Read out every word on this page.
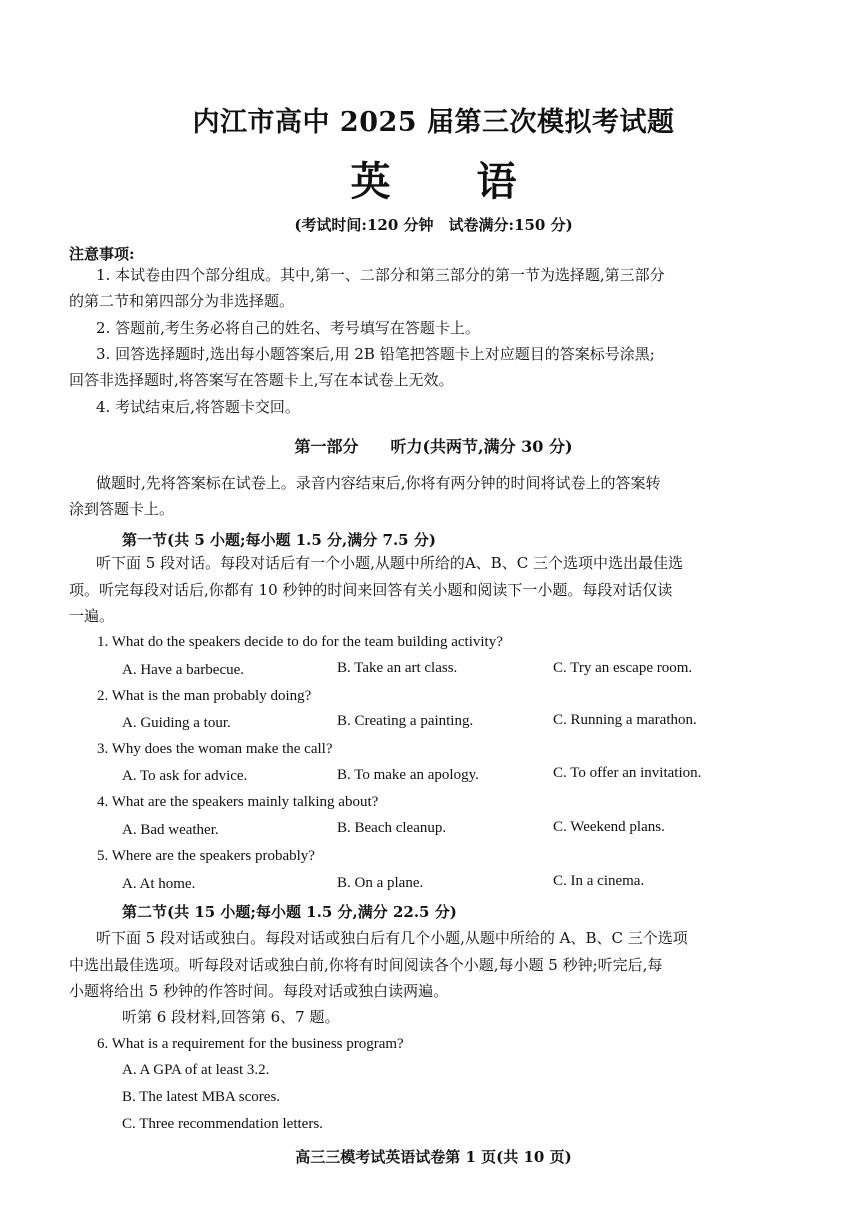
内江市高中 2025 届第三次模拟考试题
英 语
(考试时间:120 分钟　试卷满分:150 分)
注意事项:
1. 本试卷由四个部分组成。其中,第一、二部分和第三部分的第一节为选择题,第三部分
的第二节和第四部分为非选择题。
2. 答题前,考生务必将自己的姓名、考号填写在答题卡上。
3. 回答选择题时,选出每小题答案后,用 2B 铅笔把答题卡上对应题目的答案标号涂黑;
回答非选择题时,将答案写在答题卡上,写在本试卷上无效。
4. 考试结束后,将答题卡交回。
第一部分　　听力(共两节,满分 30 分)
做题时,先将答案标在试卷上。录音内容结束后,你将有两分钟的时间将试卷上的答案转
涂到答题卡上。
第一节(共 5 小题;每小题 1.5 分,满分 7.5 分)
听下面 5 段对话。每段对话后有一个小题,从题中所给的A、B、C 三个选项中选出最佳选
项。听完每段对话后,你都有 10 秒钟的时间来回答有关小题和阅读下一小题。每段对话仅读
一遍。
1. What do the speakers decide to do for the team building activity?
A. Have a barbecue.	B. Take an art class.	C. Try an escape room.
2. What is the man probably doing?
A. Guiding a tour.	B. Creating a painting.	C. Running a marathon.
3. Why does the woman make the call?
A. To ask for advice.	B. To make an apology.	C. To offer an invitation.
4. What are the speakers mainly talking about?
A. Bad weather.	B. Beach cleanup.	C. Weekend plans.
5. Where are the speakers probably?
A. At home.	B. On a plane.	C. In a cinema.
第二节(共 15 小题;每小题 1.5 分,满分 22.5 分)
听下面 5 段对话或独白。每段对话或独白后有几个小题,从题中所给的 A、B、C 三个选项
中选出最佳选项。听每段对话或独白前,你将有时间阅读各个小题,每小题 5 秒钟;听完后,每
小题将给出 5 秒钟的作答时间。每段对话或独白读两遍。
听第 6 段材料,回答第 6、7 题。
6. What is a requirement for the business program?
A. A GPA of at least 3.2.
B. The latest MBA scores.
C. Three recommendation letters.
高三三模考试英语试卷第 1 页(共 10 页)
